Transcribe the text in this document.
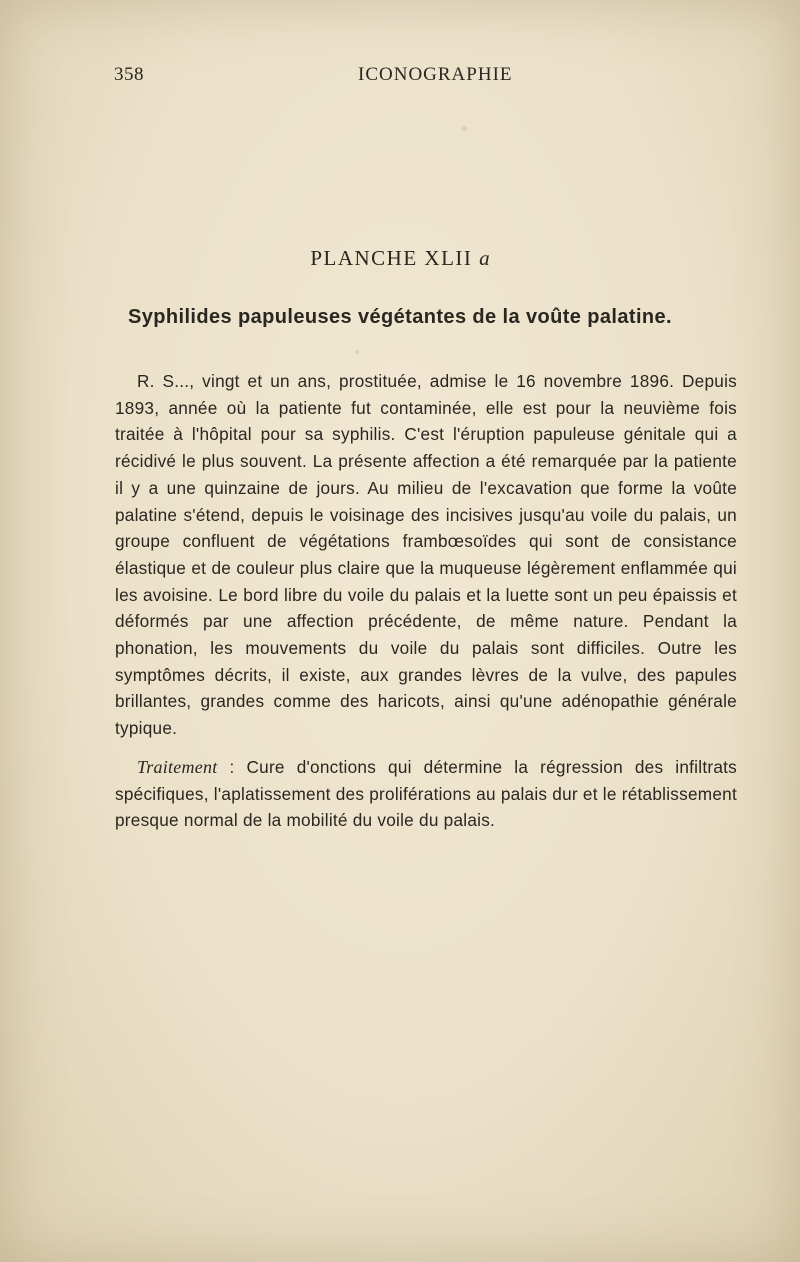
358	ICONOGRAPHIE
PLANCHE XLII a
Syphilides papuleuses végétantes de la voûte palatine.

R. S..., vingt et un ans, prostituée, admise le 16 novembre 1896. Depuis 1893, année où la patiente fut contaminée, elle est pour la neuvième fois traitée à l'hôpital pour sa syphilis. C'est l'éruption papuleuse génitale qui a récidivé le plus souvent. La présente affection a été remarquée par la patiente il y a une quinzaine de jours. Au milieu de l'excavation que forme la voûte palatine s'étend, depuis le voisinage des incisives jusqu'au voile du palais, un groupe confluent de végétations frambœsoïdes qui sont de consistance élastique et de couleur plus claire que la muqueuse légèrement enflammée qui les avoisine. Le bord libre du voile du palais et la luette sont un peu épaissis et déformés par une affection précédente, de même nature. Pendant la phonation, les mouvements du voile du palais sont difficiles. Outre les symptômes décrits, il existe, aux grandes lèvres de la vulve, des papules brillantes, grandes comme des haricots, ainsi qu'une adénopathie générale typique.

Traitement : Cure d'onctions qui détermine la régression des infiltrats spécifiques, l'aplatissement des proliférations au palais dur et le rétablissement presque normal de la mobilité du voile du palais.
